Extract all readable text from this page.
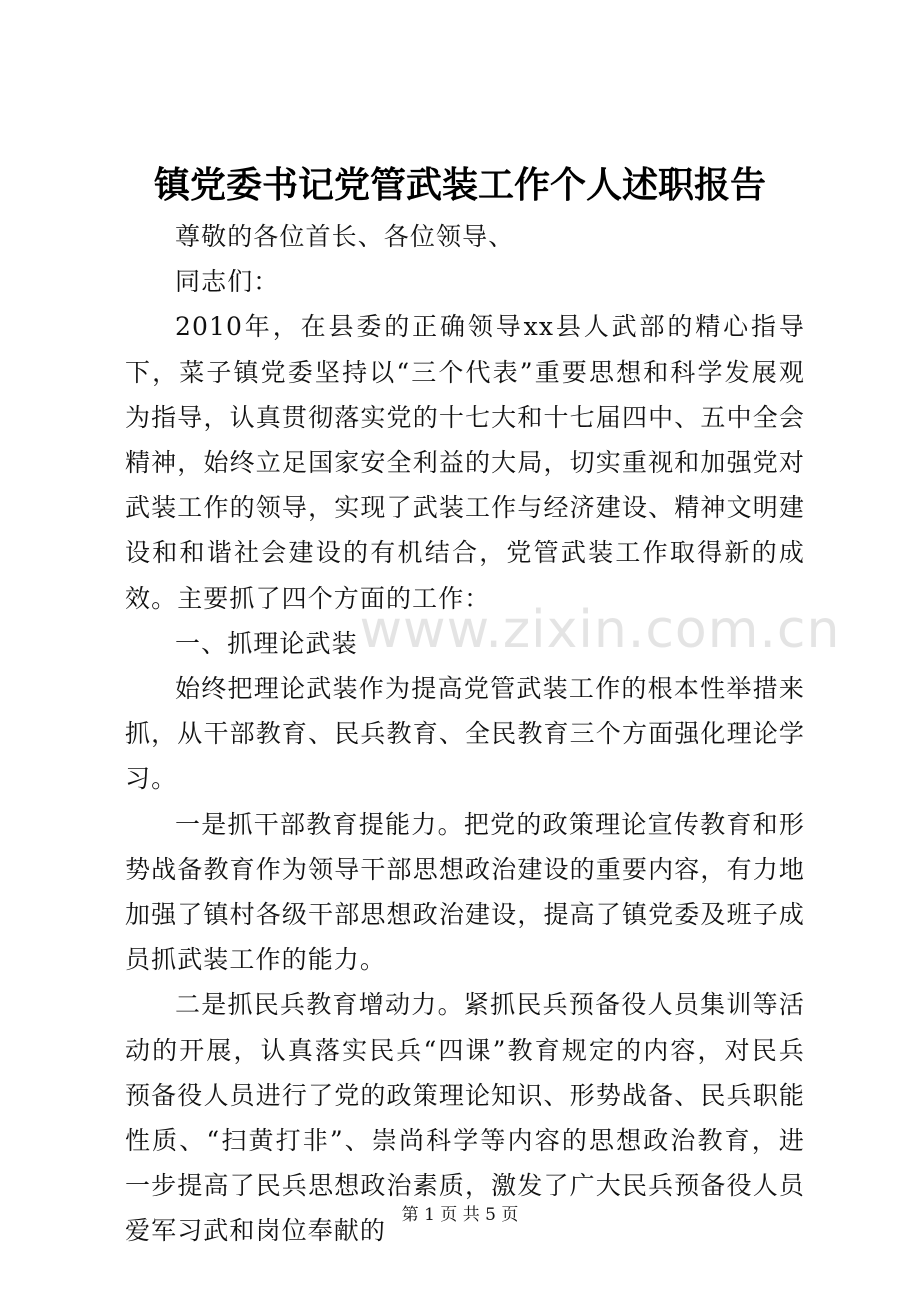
www.zixin.com.cn
镇党委书记党管武装工作个人述职报告

尊敬的各位首长、各位领导、

同志们：

2010年，在县委的正确领导xx县人武部的精心指导下，菜子镇党委坚持以“三个代表”重要思想和科学发展观为指导，认真贯彻落实党的十七大和十七届四中、五中全会精神，始终立足国家安全利益的大局，切实重视和加强党对武装工作的领导，实现了武装工作与经济建设、精神文明建设和和谐社会建设的有机结合，党管武装工作取得新的成效。主要抓了四个方面的工作：

一、抓理论武装

始终把理论武装作为提高党管武装工作的根本性举措来抓，从干部教育、民兵教育、全民教育三个方面强化理论学习。

一是抓干部教育提能力。把党的政策理论宣传教育和形势战备教育作为领导干部思想政治建设的重要内容，有力地加强了镇村各级干部思想政治建设，提高了镇党委及班子成员抓武装工作的能力。

二是抓民兵教育增动力。紧抓民兵预备役人员集训等活动的开展，认真落实民兵“四课”教育规定的内容，对民兵预备役人员进行了党的政策理论知识、形势战备、民兵职能性质、“扫黄打非”、崇尚科学等内容的思想政治教育，进一步提高了民兵思想政治素质，激发了广大民兵预备役人员爱军习武和岗位奉献的

第 1 页 共 5 页
